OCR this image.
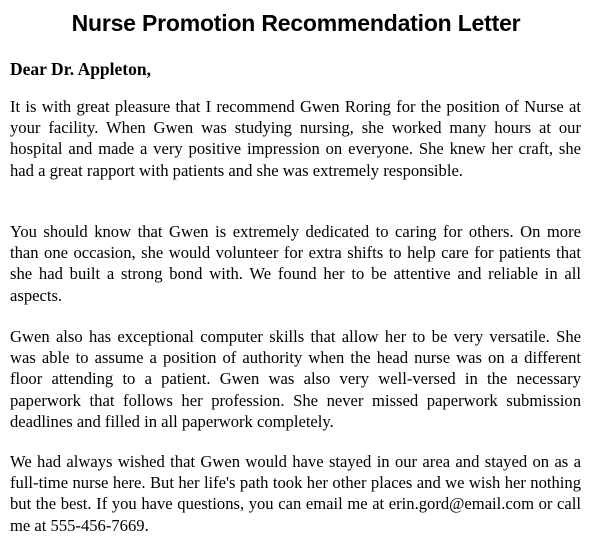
Nurse Promotion Recommendation Letter

Dear Dr. Appleton,

It is with great pleasure that I recommend Gwen Roring for the position of Nurse at your facility. When Gwen was studying nursing, she worked many hours at our hospital and made a very positive impression on everyone. She knew her craft, she had a great rapport with patients and she was extremely responsible.

You should know that Gwen is extremely dedicated to caring for others. On more than one occasion, she would volunteer for extra shifts to help care for patients that she had built a strong bond with. We found her to be attentive and reliable in all aspects.

Gwen also has exceptional computer skills that allow her to be very versatile. She was able to assume a position of authority when the head nurse was on a different floor attending to a patient. Gwen was also very well-versed in the necessary paperwork that follows her profession. She never missed paperwork submission deadlines and filled in all paperwork completely.

We had always wished that Gwen would have stayed in our area and stayed on as a full-time nurse here. But her life's path took her other places and we wish her nothing but the best. If you have questions, you can email me at erin.gord@email.com or call me at 555-456-7669.
